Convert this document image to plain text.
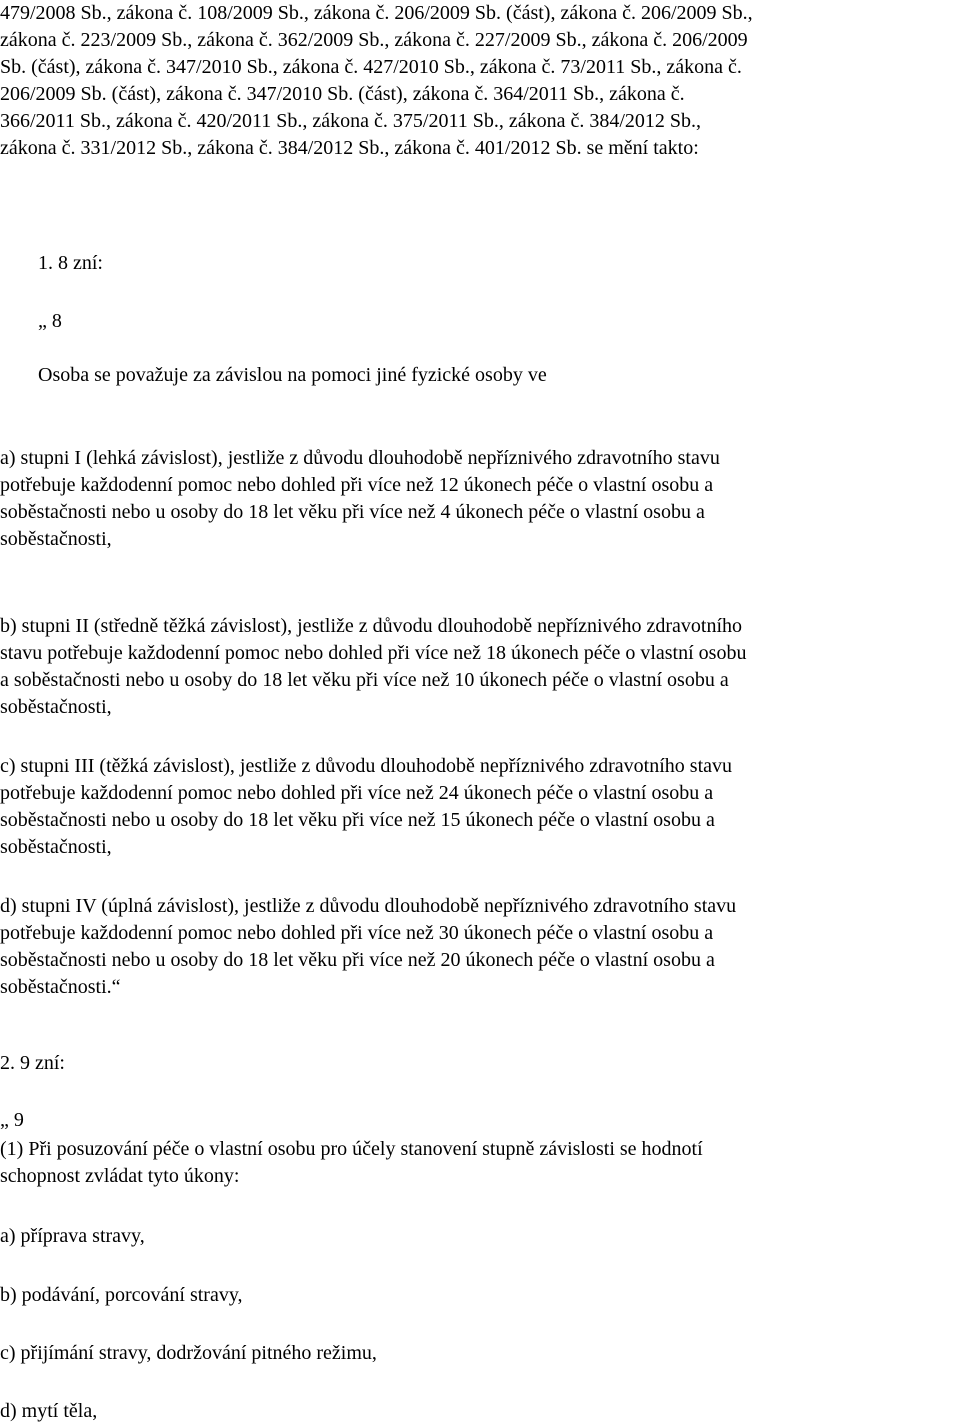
479/2008 Sb., zákona č. 108/2009 Sb., zákona č. 206/2009 Sb. (část), zákona č. 206/2009 Sb.,
zákona č. 223/2009 Sb., zákona č. 362/2009 Sb., zákona č. 227/2009 Sb., zákona č. 206/2009
Sb. (část), zákona č. 347/2010 Sb., zákona č. 427/2010 Sb., zákona č. 73/2011 Sb., zákona č.
206/2009 Sb. (část), zákona č. 347/2010 Sb. (část), zákona č. 364/2011 Sb., zákona č.
366/2011 Sb., zákona č. 420/2011 Sb., zákona č. 375/2011 Sb., zákona č. 384/2012 Sb.,
zákona č. 331/2012 Sb., zákona č. 384/2012 Sb., zákona č. 401/2012 Sb. se mění takto:
1. 8 zní:
„ 8
Osoba se považuje za závislou na pomoci jiné fyzické osoby ve
a) stupni I (lehká závislost), jestliže z důvodu dlouhodobě nepříznivého zdravotního stavu
potřebuje každodenní pomoc nebo dohled při více než 12 úkonech péče o vlastní osobu a
soběstačnosti nebo u osoby do 18 let věku při více než 4 úkonech péče o vlastní osobu a
soběstačnosti,
b) stupni II (středně těžká závislost), jestliže z důvodu dlouhodobě nepříznivého zdravotního
stavu potřebuje každodenní pomoc nebo dohled při více než 18 úkonech péče o vlastní osobu
a soběstačnosti nebo u osoby do 18 let věku při více než 10 úkonech péče o vlastní osobu a
soběstačnosti,
c) stupni III (těžká závislost), jestliže z důvodu dlouhodobě nepříznivého zdravotního stavu
potřebuje každodenní pomoc nebo dohled při více než 24 úkonech péče o vlastní osobu a
soběstačnosti nebo u osoby do 18 let věku při více než 15 úkonech péče o vlastní osobu a
soběstačnosti,
d) stupni IV (úplná závislost), jestliže z důvodu dlouhodobě nepříznivého zdravotního stavu
potřebuje každodenní pomoc nebo dohled při více než 30 úkonech péče o vlastní osobu a
soběstačnosti nebo u osoby do 18 let věku při více než 20 úkonech péče o vlastní osobu a
soběstačnosti.“
2. 9 zní:
„ 9
(1) Při posuzování péče o vlastní osobu pro účely stanovení stupně závislosti se hodnotí
schopnost zvládat tyto úkony:
a) příprava stravy,
b) podávání, porcování stravy,
c) přijímání stravy, dodržování pitného režimu,
d) mytí těla,
